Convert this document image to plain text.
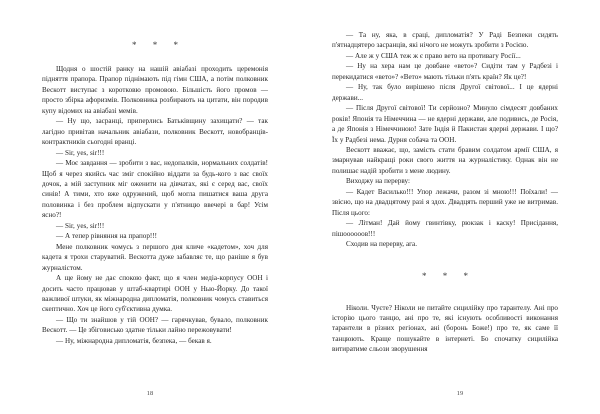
* * *

Щодня о шостій ранку на нашій авіабазі проходить церемонія підняття прапора. Прапор піднімають під гімн США, а потім полковник Вескотт виступає з коротковю промовою. Більшість його промов — просто збірка афоризмів. Полковника розбирають на цитати, він породив купу відомих на авіабазі мемів.

— Ну що, засранці, приперлись Батьківщину захищати? — так лагідно привітав начальник авіабази, полковник Вескотт, новобранців-контрактників сьогодні вранці.

— Sir, yes, sir!!!

— Моє завдання — зробити з вас, недопалків, нормальних солдатів! Щоб я через якийсь час зміг спокійно віддати за будь-кого з вас своїх дочок, а мій заступник міг оженити на дівчатах, які є серед вас, своїх синів! А тими, хто вже одружений, щоб могла пишатися ваша друга половинка і без проблем відпускати у п'ятницю ввечері в бар! Усім ясно?!

— Sir, yes, sir!!!

— А тепер рівняння на прапор!!!

Мене полковник чомусь з першого дня кличе «кадетом», хоч для кадета я трохи старуватий. Вескотта дуже забавляє те, що раніше я був журналістом.

А ще йому не дає спокою факт, що я член медіа-корпусу ООН і досить часто працював у штаб-квартирі ООН у Нью-Йорку. До такої важливої штуки, як міжнародна дипломатія, полковник чомусь ставиться скептично. Хоч це його суб'єктивна думка.

— Що ти знайшов у тій ООН? — гарячкував, бувало, полковник Вескотт. — Це збіговисько здатне тільки лайно пережовувати!

— Ну, міжнародна дипломатія, безпека, — бекав я.

18

— Та ну, яка, в сраці, дипломатія? У Раді Безпеки сидять п'ятнадцятеро засранців, які нічого не можуть зробити з Росією.

— Але ж у США теж ж є право вето на противагу Росії...

— Ну на хера нам це довбане «вето»? Сидіти там у Радбезі і перекидатися «вето»? «Вето» мають тільки п'ять країн? Як це?!

— Ну, так було вирішено після Другої світової... І це ядерні держави...

— Після Другої світової! Ти серйозно? Минуло сімдесят довбаних років! Японія та Німеччина — не ядерні держави, але подивись, де Росія, а де Японія з Німеччиною! Зате Індія й Пакистан ядерні держави. І що? Їх у Радбезі нема. Дурня собача та ООН.

Вескотт вважає, що, замість стати бравим солдатом армії США, я змарнував найкращі роки свого життя на журналістику. Однак він не полишає надій зробити з мене людину.

Виходжу на перерву:

— Кадет Василько!!! Упор лежачи, разом зі мною!!! Поїхали! — звісно, що на двадцятому разі я здох. Двадцять перший уже не витримав. Після цього:

— Літман! Дай йому гвинтівку, рюкзак і каску! Присідання, пішоооооов!!!

Сходив на перерву, ага.

* * *

Ніколи. Чуєте? Ніколи не питайте сицилійку про тарантелу. Ані про історію цього танцю, ані про те, які існують особливості виконання тарантели в різних регіонах, ані (боронь Боже!) про те, як саме її танцюють. Краще пошукайте в інтернеті. Бо спочатку сицилійка витиратиме сльози зворушення

19
